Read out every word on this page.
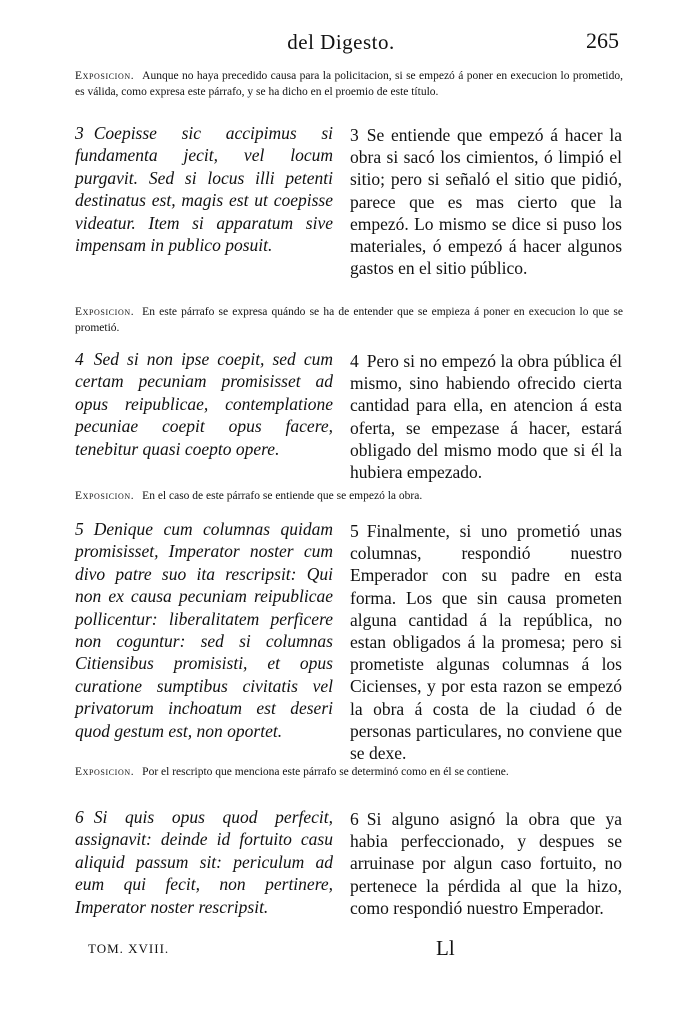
del Digesto.	265
Exposicion. Aunque no haya precedido causa para la policitacion, si se empezó á poner en execucion lo prometido, es válida, como expresa este párrafo, y se ha dicho en el proemio de este título.
3 Coepisse sic accipimus si fundamenta jecit, vel locum purgavit. Sed si locus illi petenti destinatus est, magis est ut coepisse videatur. Item si apparatum sive impensam in publico posuit.
3 Se entiende que empezó á hacer la obra si sacó los cimientos, ó limpió el sitio; pero si señaló el sitio que pidió, parece que es mas cierto que la empezó. Lo mismo se dice si puso los materiales, ó empezó á hacer algunos gastos en el sitio público.
Exposicion. En este párrafo se expresa quándo se ha de entender que se empieza á poner en execucion lo que se prometió.
4 Sed si non ipse coepit, sed cum certam pecuniam promisisset ad opus reipublicae, contemplatione pecuniae coepit opus facere, tenebitur quasi coepto opere.
4 Pero si no empezó la obra pública él mismo, sino habiendo ofrecido cierta cantidad para ella, en atencion á esta oferta, se empezase á hacer, estará obligado del mismo modo que si él la hubiera empezado.
Exposicion. En el caso de este párrafo se entiende que se empezó la obra.
5 Denique cum columnas quidam promisisset, Imperator noster cum divo patre suo ita rescripsit: Qui non ex causa pecuniam reipublicae pollicentur: liberalitatem perficere non coguntur: sed si columnas Citiensibus promisisti, et opus curatione sumptibus civitatis vel privatorum inchoatum est deseri quod gestum est, non oportet.
5 Finalmente, si uno prometió unas columnas, respondió nuestro Emperador con su padre en esta forma. Los que sin causa prometen alguna cantidad á la república, no estan obligados á la promesa; pero si prometiste algunas columnas á los Cicienses, y por esta razon se empezó la obra á costa de la ciudad ó de personas particulares, no conviene que se dexe.
Exposicion. Por el rescripto que menciona este párrafo se determinó como en él se contiene.
6 Si quis opus quod perfecit, assignavit: deinde id fortuito casu aliquid passum sit: periculum ad eum qui fecit, non pertinere, Imperator noster rescripsit.
6 Si alguno asignó la obra que ya habia perfeccionado, y despues se arruinase por algun caso fortuito, no pertenece la pérdida al que la hizo, como respondió nuestro Emperador.
TOM. XVIII.	Ll
